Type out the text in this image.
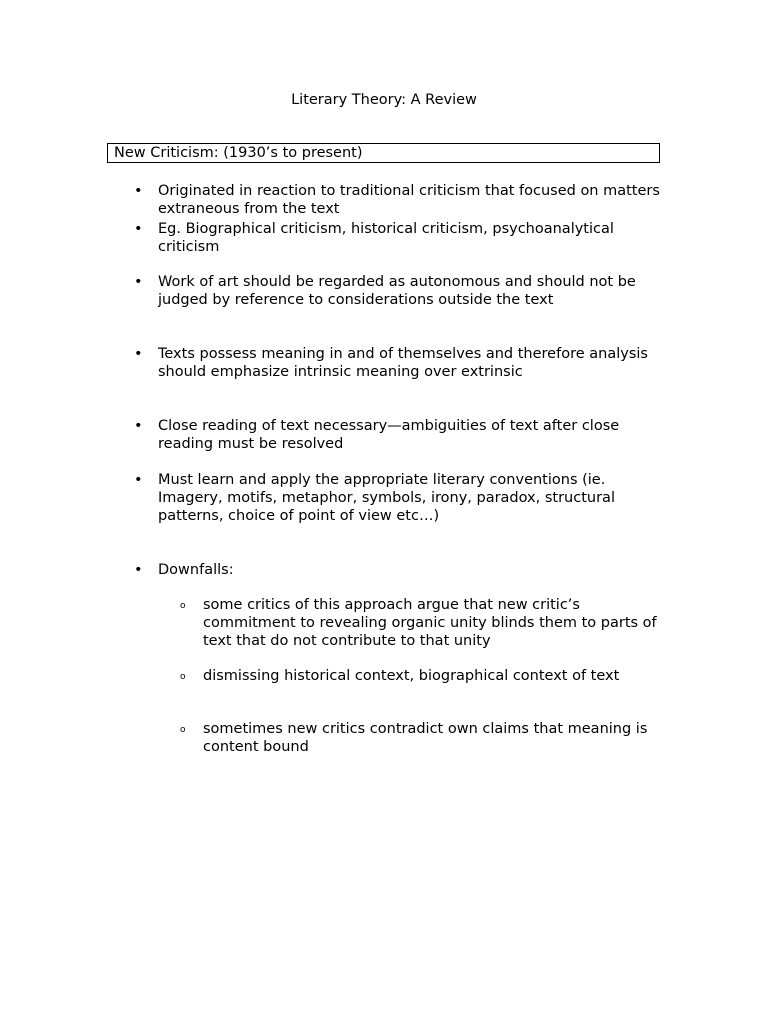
Literary Theory: A Review
New Criticism: (1930’s to present)
• Originated in reaction to traditional criticism that focused on matters extraneous from the text
• Eg. Biographical criticism, historical criticism, psychoanalytical criticism
• Work of art should be regarded as autonomous and should not be judged by reference to considerations outside the text
• Texts possess meaning in and of themselves and therefore analysis should emphasize intrinsic meaning over extrinsic
• Close reading of text necessary—ambiguities of text after close reading must be resolved
• Must learn and apply the appropriate literary conventions (ie. Imagery, motifs, metaphor, symbols, irony, paradox, structural patterns, choice of point of view etc…)
• Downfalls:
o some critics of this approach argue that new critic’s commitment to revealing organic unity blinds them to parts of text that do not contribute to that unity
o dismissing historical context, biographical context of text
o sometimes new critics contradict own claims that meaning is content bound
